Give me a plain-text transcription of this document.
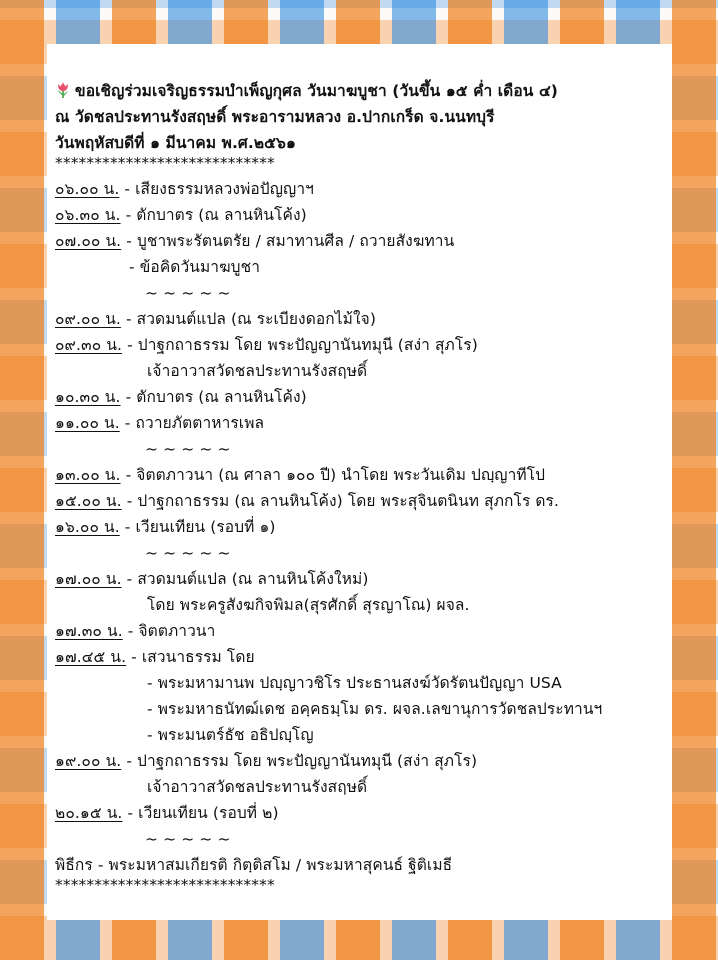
ขอเชิญร่วมเจริญธรรมบำเพ็ญกุศล วันมาฆบูชา (วันขึ้น ๑๕ ค่ำ เดือน ๔)
ณ วัดชลประทานรังสฤษดิ์ พระอารามหลวง อ.ปากเกร็ด จ.นนทบุรี
วันพฤหัสบดีที่ ๑ มีนาคม พ.ศ.๒๕๖๑
****************************
๐๖.๐๐ น. - เสียงธรรมหลวงพ่อปัญญาฯ
๐๖.๓๐ น. - ตักบาตร (ณ ลานหินโค้ง)
๐๗.๐๐ น. - บูชาพระรัตนตรัย / สมาทานศีล / ถวายสังฆทาน
- ข้อคิดวันมาฆบูชา
~ ~ ~ ~ ~
๐๙.๐๐ น. - สวดมนต์แปล (ณ ระเบียงดอกไม้ใจ)
๐๙.๓๐ น. - ปาฐกถาธรรม โดย พระปัญญานันทมุนี (สง่า สุภโร)
เจ้าอาวาสวัดชลประทานรังสฤษดิ์
๑๐.๓๐ น. - ตักบาตร (ณ ลานหินโค้ง)
๑๑.๐๐ น. - ถวายภัตตาหารเพล
~ ~ ~ ~ ~
๑๓.๐๐ น. - จิตตภาวนา (ณ ศาลา ๑๐๐ ปี) นำโดย พระวันเดิม ปญฺญาทีโป
๑๕.๐๐ น. - ปาฐกถาธรรม (ณ ลานหินโค้ง) โดย พระสุจินตนินท สุภกโร ดร.
๑๖.๐๐ น. - เวียนเทียน (รอบที่ ๑)
~ ~ ~ ~ ~
๑๗.๐๐ น. - สวดมนต์แปล (ณ ลานหินโค้งใหม่)
โดย พระครูสังฆกิจพิมล(สุรศักดิ์ สุรญาโณ) ผจล.
๑๗.๓๐ น. - จิตตภาวนา
๑๗.๔๕ น. - เสวนาธรรม โดย
- พระมหามานพ ปญฺญาวชิโร ประธานสงฆ์วัดรัตนปัญญา USA
- พระมหาธนัทฒ์เดช อคฺคธมฺโม ดร. ผจล.เลขานุการวัดชลประทานฯ
- พระมนตร์ธัช อธิปญฺโญ
๑๙.๐๐ น. - ปาฐกถาธรรม โดย พระปัญญานันทมุนี (สง่า สุภโร)
เจ้าอาวาสวัดชลประทานรังสฤษดิ์
๒๐.๑๕ น. - เวียนเทียน (รอบที่ ๒)
~ ~ ~ ~ ~
พิธีกร - พระมหาสมเกียรติ กิตฺติสโม / พระมหาสุคนธ์ ฐิติเมธี
****************************
